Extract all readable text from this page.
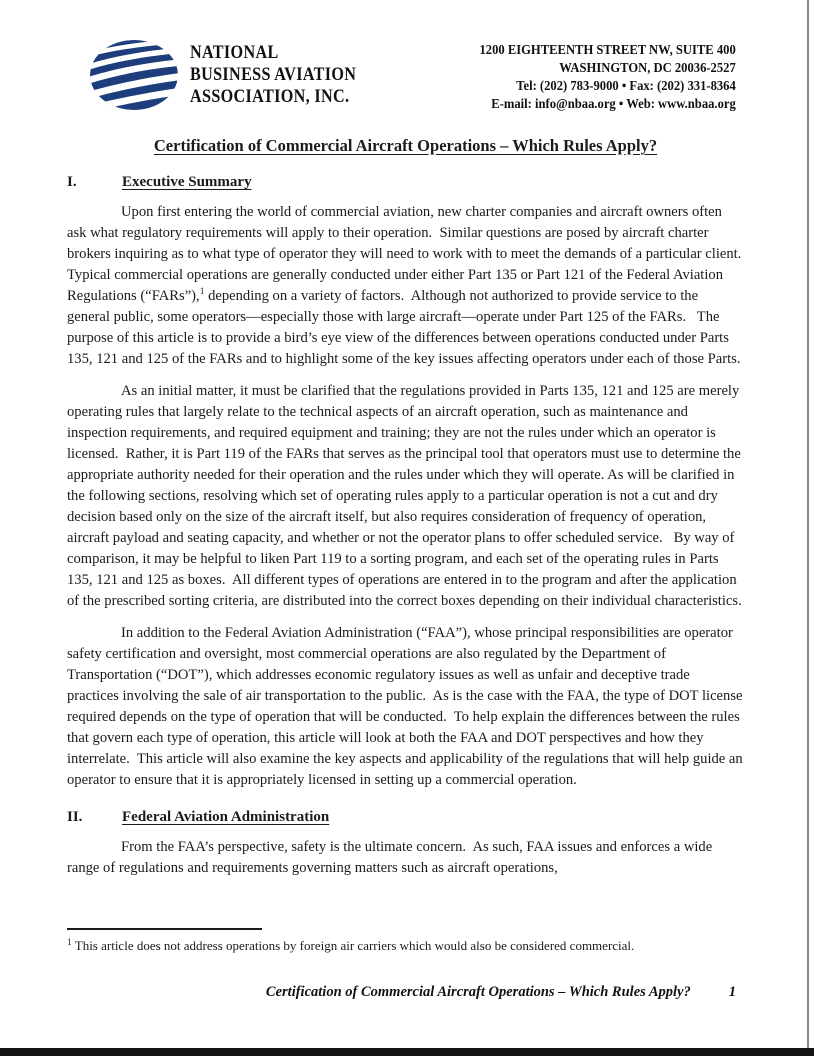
NATIONAL
BUSINESS AVIATION
ASSOCIATION, INC.
1200 EIGHTEENTH STREET NW, SUITE 400
WASHINGTON, DC 20036-2527
Tel: (202) 783-9000 • Fax: (202) 331-8364
E-mail: info@nbaa.org • Web: www.nbaa.org
Certification of Commercial Aircraft Operations – Which Rules Apply?
I.	Executive Summary

Upon first entering the world of commercial aviation, new charter companies and aircraft owners often ask what regulatory requirements will apply to their operation.  Similar questions are posed by aircraft charter brokers inquiring as to what type of operator they will need to work with to meet the demands of a particular client.  Typical commercial operations are generally conducted under either Part 135 or Part 121 of the Federal Aviation Regulations (“FARs”),$^1$ depending on a variety of factors.  Although not authorized to provide service to the general public, some operators—especially those with large aircraft—operate under Part 125 of the FARs.   The purpose of this article is to provide a bird’s eye view of the differences between operations conducted under Parts 135, 121 and 125 of the FARs and to highlight some of the key issues affecting operators under each of those Parts.

As an initial matter, it must be clarified that the regulations provided in Parts 135, 121 and 125 are merely operating rules that largely relate to the technical aspects of an aircraft operation, such as maintenance and inspection requirements, and required equipment and training; they are not the rules under which an operator is licensed.  Rather, it is Part 119 of the FARs that serves as the principal tool that operators must use to determine the appropriate authority needed for their operation and the rules under which they will operate. As will be clarified in the following sections, resolving which set of operating rules apply to a particular operation is not a cut and dry decision based only on the size of the aircraft itself, but also requires consideration of frequency of operation, aircraft payload and seating capacity, and whether or not the operator plans to offer scheduled service.   By way of comparison, it may be helpful to liken Part 119 to a sorting program, and each set of the operating rules in Parts 135, 121 and 125 as boxes.  All different types of operations are entered in to the program and after the application of the prescribed sorting criteria, are distributed into the correct boxes depending on their individual characteristics.

In addition to the Federal Aviation Administration (“FAA”), whose principal responsibilities are operator safety certification and oversight, most commercial operations are also regulated by the Department of Transportation (“DOT”), which addresses economic regulatory issues as well as unfair and deceptive trade practices involving the sale of air transportation to the public.  As is the case with the FAA, the type of DOT license required depends on the type of operation that will be conducted.  To help explain the differences between the rules that govern each type of operation, this article will look at both the FAA and DOT perspectives and how they interrelate.  This article will also examine the key aspects and applicability of the regulations that will help guide an operator to ensure that it is appropriately licensed in setting up a commercial operation.

II.	Federal Aviation Administration

From the FAA’s perspective, safety is the ultimate concern.  As such, FAA issues and enforces a wide range of regulations and requirements governing matters such as aircraft operations,

$^1$ This article does not address operations by foreign air carriers which would also be considered commercial.

Certification of Commercial Aircraft Operations – Which Rules Apply?	1
